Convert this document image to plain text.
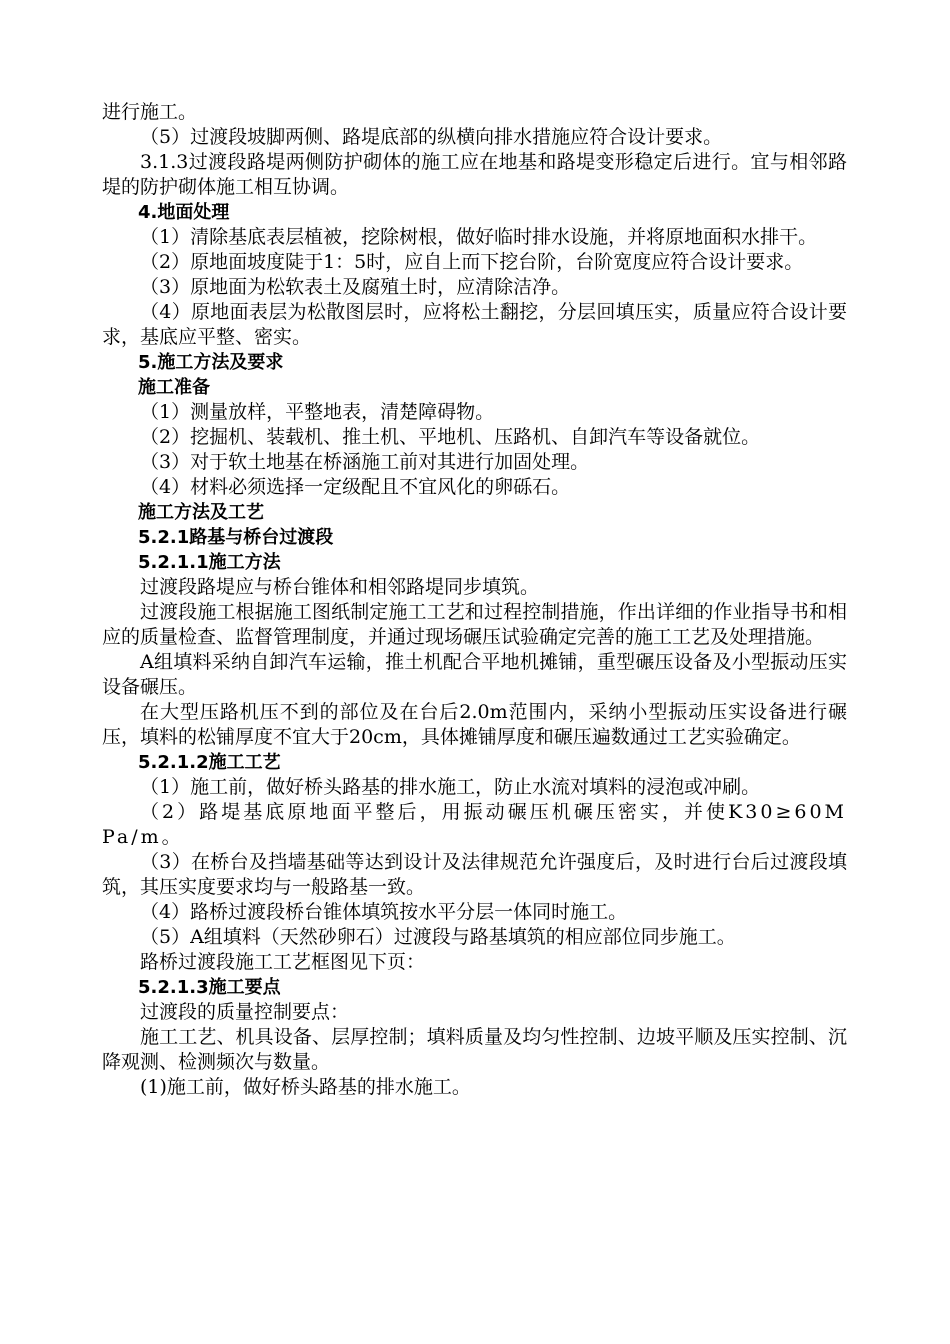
进行施工。

（5）过渡段坡脚两侧、路堤底部的纵横向排水措施应符合设计要求。

3.1.3过渡段路堤两侧防护砌体的施工应在地基和路堤变形稳定后进行。宜与相邻路堤的防护砌体施工相互协调。

4.地面处理

（1）清除基底表层植被，挖除树根，做好临时排水设施，并将原地面积水排干。

（2）原地面坡度陡于1：5时，应自上而下挖台阶，台阶宽度应符合设计要求。

（3）原地面为松软表土及腐殖土时，应清除洁净。

（4）原地面表层为松散图层时，应将松土翻挖，分层回填压实，质量应符合设计要求，基底应平整、密实。

5.施工方法及要求

施工准备

（1）测量放样，平整地表，清楚障碍物。

（2）挖掘机、装载机、推土机、平地机、压路机、自卸汽车等设备就位。

（3）对于软土地基在桥涵施工前对其进行加固处理。

（4）材料必须选择一定级配且不宜风化的卵砾石。

施工方法及工艺

5.2.1路基与桥台过渡段

5.2.1.1施工方法

过渡段路堤应与桥台锥体和相邻路堤同步填筑。

过渡段施工根据施工图纸制定施工工艺和过程控制措施，作出详细的作业指导书和相应的质量检查、监督管理制度，并通过现场碾压试验确定完善的施工工艺及处理措施。

A组填料采纳自卸汽车运输，推土机配合平地机摊铺，重型碾压设备及小型振动压实设备碾压。

在大型压路机压不到的部位及在台后2.0m范围内，采纳小型振动压实设备进行碾压，填料的松铺厚度不宜大于20cm，具体摊铺厚度和碾压遍数通过工艺实验确定。

5.2.1.2施工工艺

（1）施工前，做好桥头路基的排水施工，防止水流对填料的浸泡或冲刷。

（2）路堤基底原地面平整后，用振动碾压机碾压密实，并使K30≥60MPa/m。

（3）在桥台及挡墙基础等达到设计及法律规范允许强度后，及时进行台后过渡段填筑，其压实度要求均与一般路基一致。

（4）路桥过渡段桥台锥体填筑按水平分层一体同时施工。

（5）A组填料（天然砂卵石）过渡段与路基填筑的相应部位同步施工。

路桥过渡段施工工艺框图见下页：

5.2.1.3施工要点

过渡段的质量控制要点：

施工工艺、机具设备、层厚控制；填料质量及均匀性控制、边坡平顺及压实控制、沉降观测、检测频次与数量。

(1)施工前，做好桥头路基的排水施工。
